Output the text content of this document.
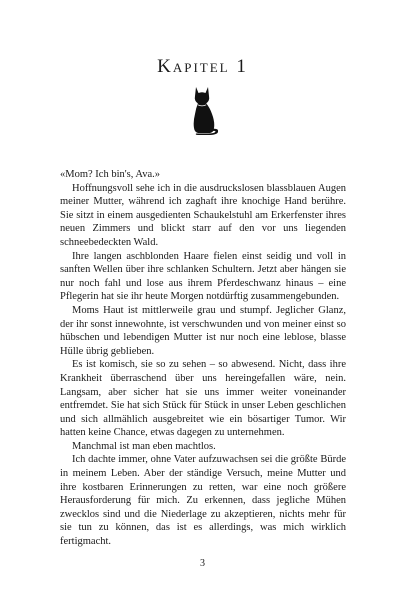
Kapitel 1

«Mom? Ich bin's, Ava.»

Hoffnungsvoll sehe ich in die ausdruckslosen blassblauen Augen meiner Mutter, während ich zaghaft ihre knochige Hand berühre. Sie sitzt in einem ausgedienten Schaukelstuhl am Erkerfenster ihres neuen Zimmers und blickt starr auf den vor uns liegenden schneebedeckten Wald.

Ihre langen aschblonden Haare fielen einst seidig und voll in sanften Wellen über ihre schlanken Schultern. Jetzt aber hängen sie nur noch fahl und lose aus ihrem Pferdeschwanz hinaus – eine Pflegerin hat sie ihr heute Morgen notdürftig zusammengebunden.

Moms Haut ist mittlerweile grau und stumpf. Jeglicher Glanz, der ihr sonst innewohnte, ist verschwunden und von meiner einst so hübschen und lebendigen Mutter ist nur noch eine leblose, blasse Hülle übrig geblieben.

Es ist komisch, sie so zu sehen – so abwesend. Nicht, dass ihre Krankheit überraschend über uns hereingefallen wäre, nein. Langsam, aber sicher hat sie uns immer weiter voneinander entfremdet. Sie hat sich Stück für Stück in unser Leben geschlichen und sich allmählich ausgebreitet wie ein bösartiger Tumor. Wir hatten keine Chance, etwas dagegen zu unternehmen.

Manchmal ist man eben machtlos.

Ich dachte immer, ohne Vater aufzuwachsen sei die größte Bürde in meinem Leben. Aber der ständige Versuch, meine Mutter und ihre kostbaren Erinnerungen zu retten, war eine noch größere Herausforderung für mich. Zu erkennen, dass jegliche Mühen zwecklos sind und die Niederlage zu akzeptieren, nichts mehr für sie tun zu können, das ist es allerdings, was mich wirklich fertigmacht.

3
